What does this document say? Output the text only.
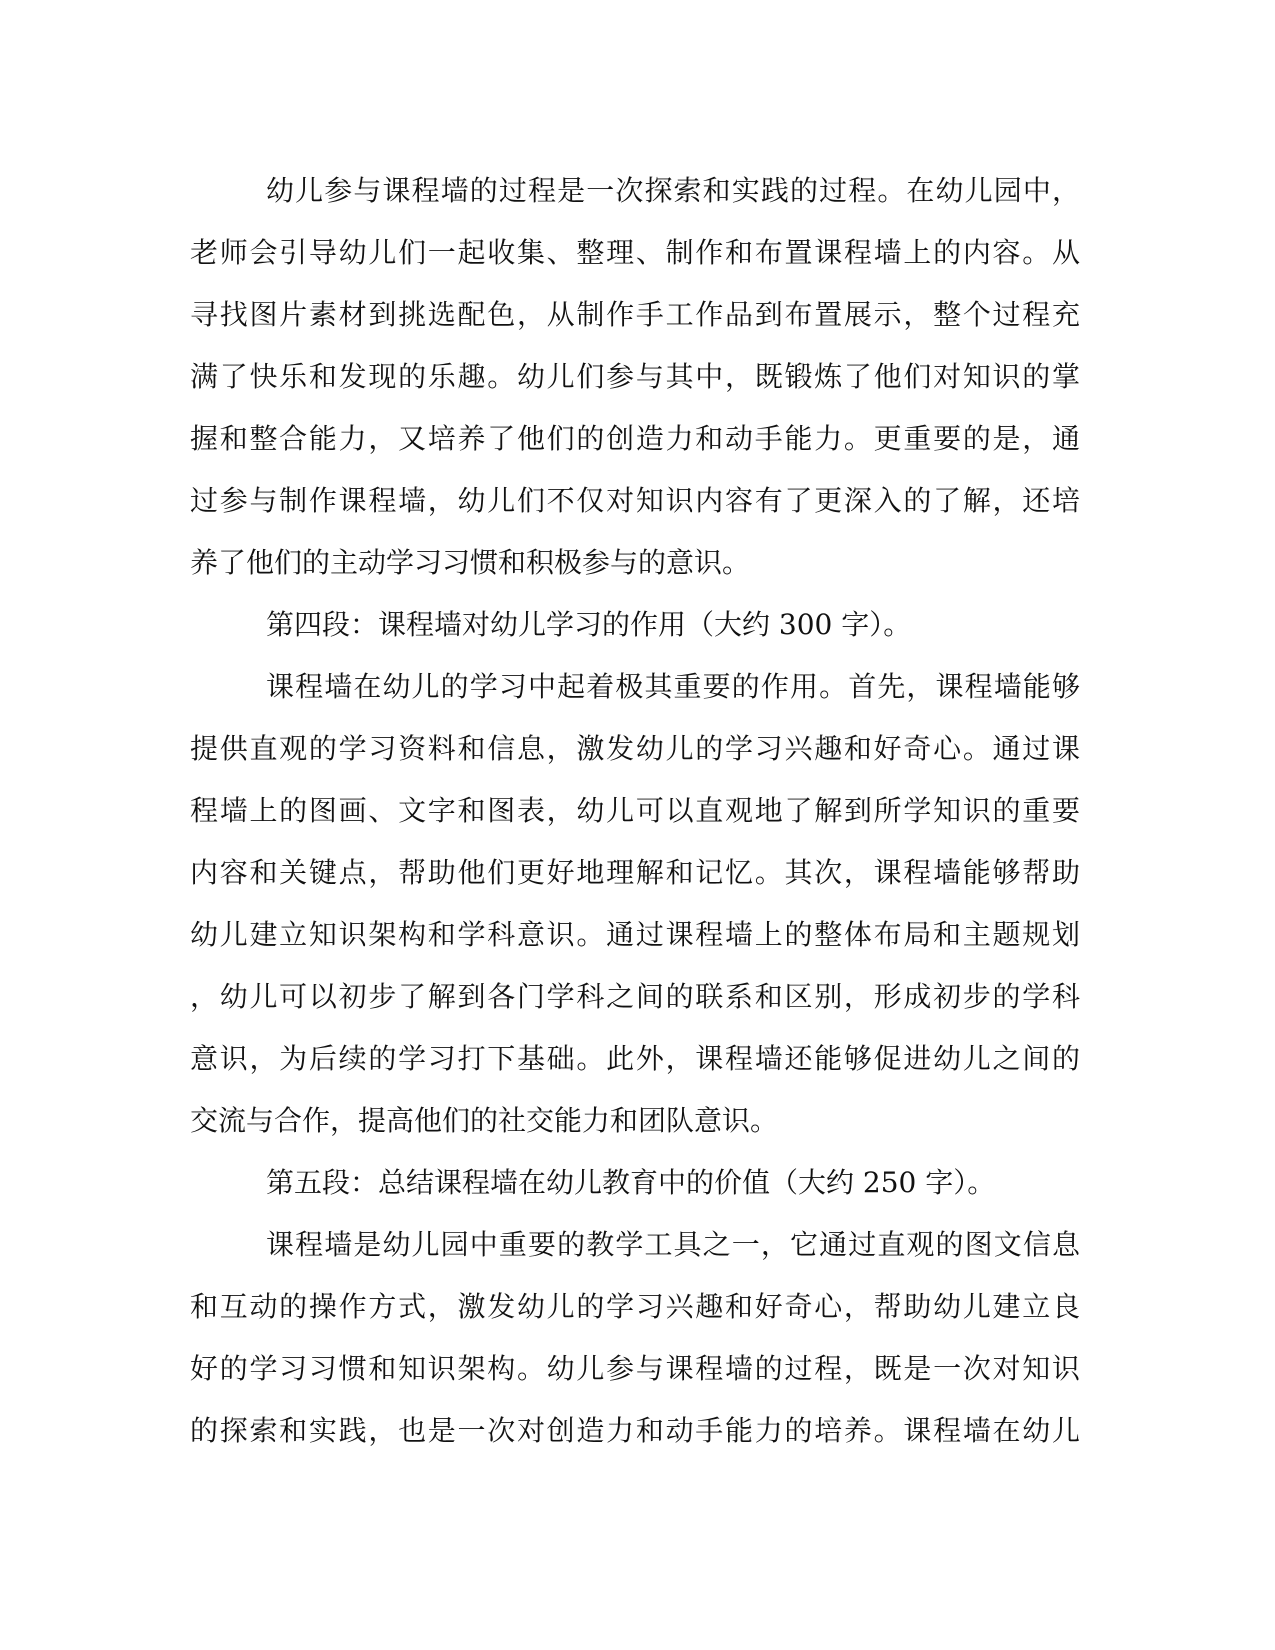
幼儿参与课程墙的过程是一次探索和实践的过程。在幼儿园中，
老师会引导幼儿们一起收集、整理、制作和布置课程墙上的内容。从
寻找图片素材到挑选配色，从制作手工作品到布置展示，整个过程充
满了快乐和发现的乐趣。幼儿们参与其中，既锻炼了他们对知识的掌
握和整合能力，又培养了他们的创造力和动手能力。更重要的是，通
过参与制作课程墙，幼儿们不仅对知识内容有了更深入的了解，还培
养了他们的主动学习习惯和积极参与的意识。
第四段：课程墙对幼儿学习的作用（大约 300 字）。
课程墙在幼儿的学习中起着极其重要的作用。首先，课程墙能够
提供直观的学习资料和信息，激发幼儿的学习兴趣和好奇心。通过课
程墙上的图画、文字和图表，幼儿可以直观地了解到所学知识的重要
内容和关键点，帮助他们更好地理解和记忆。其次，课程墙能够帮助
幼儿建立知识架构和学科意识。通过课程墙上的整体布局和主题规划
，幼儿可以初步了解到各门学科之间的联系和区别，形成初步的学科
意识，为后续的学习打下基础。此外，课程墙还能够促进幼儿之间的
交流与合作，提高他们的社交能力和团队意识。
第五段：总结课程墙在幼儿教育中的价值（大约 250 字）。
课程墙是幼儿园中重要的教学工具之一，它通过直观的图文信息
和互动的操作方式，激发幼儿的学习兴趣和好奇心，帮助幼儿建立良
好的学习习惯和知识架构。幼儿参与课程墙的过程，既是一次对知识
的探索和实践，也是一次对创造力和动手能力的培养。课程墙在幼儿
